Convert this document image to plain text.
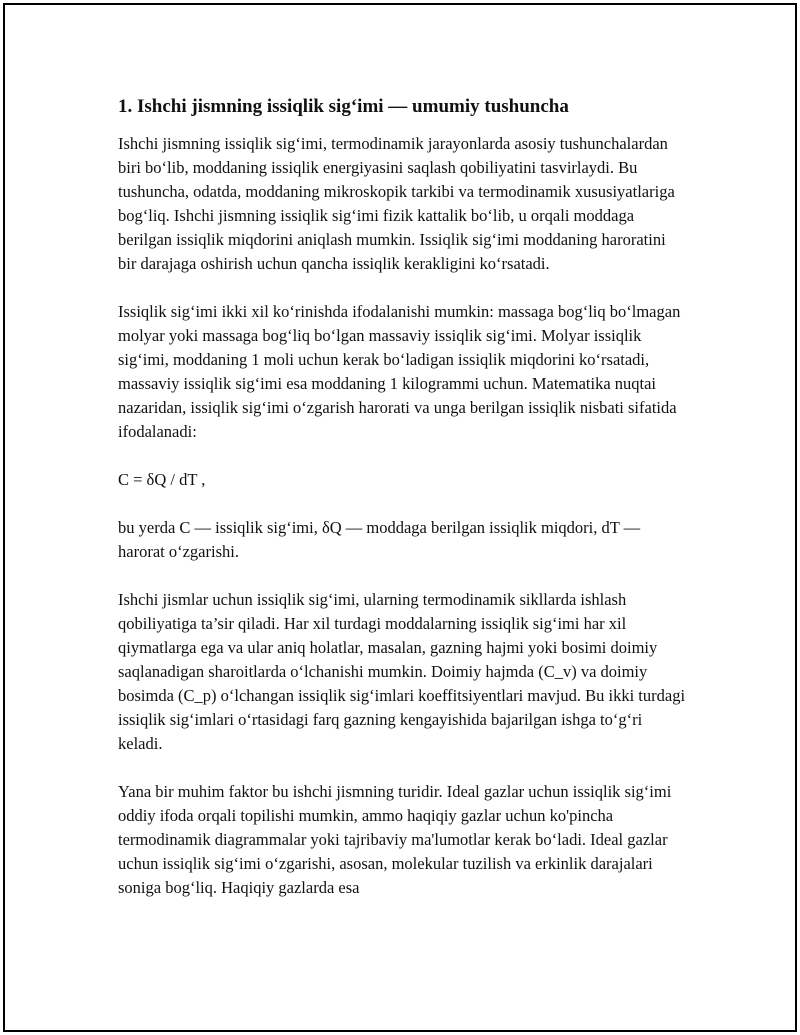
1. Ishchi jismning issiqlik sig‘imi — umumiy tushuncha

Ishchi jismning issiqlik sig‘imi, termodinamik jarayonlarda asosiy tushunchalardan biri bo‘lib, moddaning issiqlik energiyasini saqlash qobiliyatini tasvirlaydi. Bu tushuncha, odatda, moddaning mikroskopik tarkibi va termodinamik xususiyatlariga bog‘liq. Ishchi jismning issiqlik sig‘imi fizik kattalik bo‘lib, u orqali moddaga berilgan issiqlik miqdorini aniqlash mumkin. Issiqlik sig‘imi moddaning haroratini bir darajaga oshirish uchun qancha issiqlik kerakligini ko‘rsatadi.

Issiqlik sig‘imi ikki xil ko‘rinishda ifodalanishi mumkin: massaga bog‘liq bo‘lmagan molyar yoki massaga bog‘liq bo‘lgan massaviy issiqlik sig‘imi. Molyar issiqlik sig‘imi, moddaning 1 moli uchun kerak bo‘ladigan issiqlik miqdorini ko‘rsatadi, massaviy issiqlik sig‘imi esa moddaning 1 kilogrammi uchun. Matematika nuqtai nazaridan, issiqlik sig‘imi o‘zgarish harorati va unga berilgan issiqlik nisbati sifatida ifodalanadi:

C = δQ / dT ,

bu yerda C — issiqlik sig‘imi, δQ — moddaga berilgan issiqlik miqdori, dT — harorat o‘zgarishi.

Ishchi jismlar uchun issiqlik sig‘imi, ularning termodinamik sikllarda ishlash qobiliyatiga ta’sir qiladi. Har xil turdagi moddalarning issiqlik sig‘imi har xil qiymatlarga ega va ular aniq holatlar, masalan, gazning hajmi yoki bosimi doimiy saqlanadigan sharoitlarda o‘lchanishi mumkin. Doimiy hajmda (C_v) va doimiy bosimda (C_p) o‘lchangan issiqlik sig‘imlari koeffitsiyentlari mavjud. Bu ikki turdagi issiqlik sig‘imlari o‘rtasidagi farq gazning kengayishida bajarilgan ishga to‘g‘ri keladi.

Yana bir muhim faktor bu ishchi jismning turidir. Ideal gazlar uchun issiqlik sig‘imi oddiy ifoda orqali topilishi mumkin, ammo haqiqiy gazlar uchun ko'pincha termodinamik diagrammalar yoki tajribaviy ma'lumotlar kerak bo‘ladi. Ideal gazlar uchun issiqlik sig‘imi o‘zgarishi, asosan, molekular tuzilish va erkinlik darajalari soniga bog‘liq. Haqiqiy gazlarda esa
